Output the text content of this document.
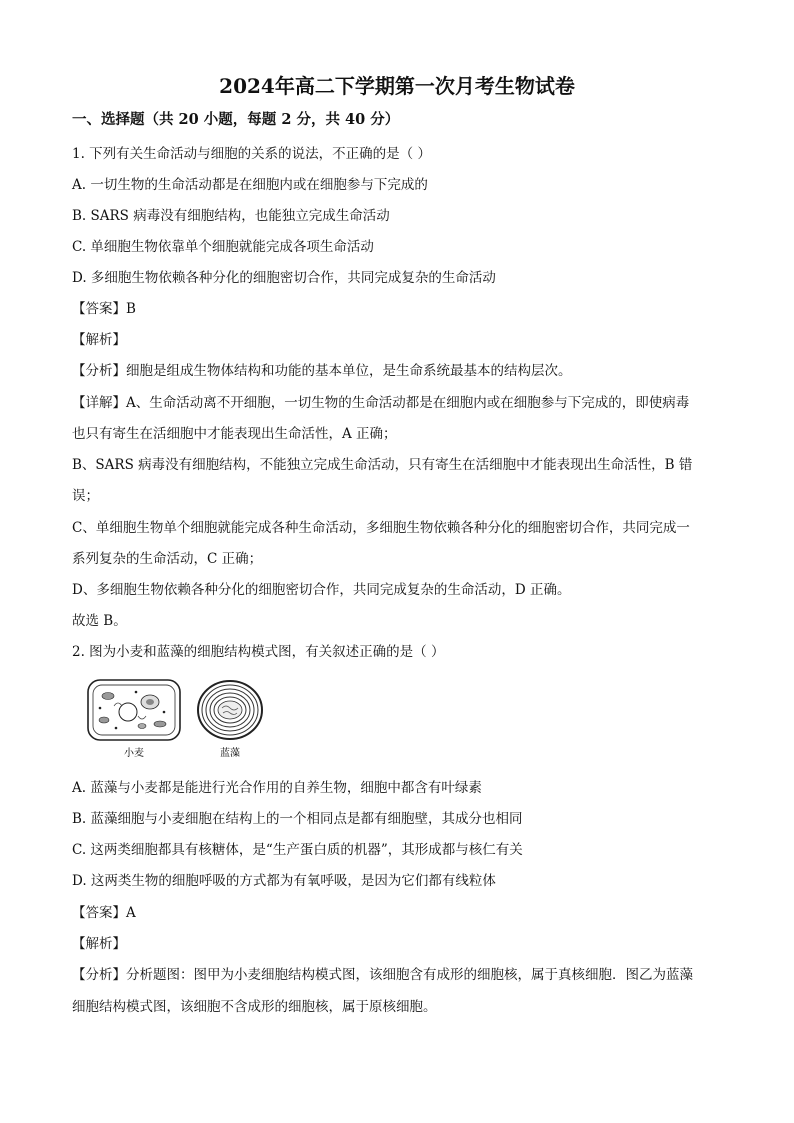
2024年高二下学期第一次月考生物试卷
一、选择题（共 20 小题，每题 2 分，共 40 分）
1. 下列有关生命活动与细胞的关系的说法，不正确的是（ ）
A. 一切生物的生命活动都是在细胞内或在细胞参与下完成的
B. SARS 病毒没有细胞结构，也能独立完成生命活动
C. 单细胞生物依靠单个细胞就能完成各项生命活动
D. 多细胞生物依赖各种分化的细胞密切合作，共同完成复杂的生命活动
【答案】B
【解析】
【分析】细胞是组成生物体结构和功能的基本单位，是生命系统最基本的结构层次。
【详解】A、生命活动离不开细胞，一切生物的生命活动都是在细胞内或在细胞参与下完成的，即使病毒
也只有寄生在活细胞中才能表现出生命活性，A 正确；
B、SARS 病毒没有细胞结构，不能独立完成生命活动，只有寄生在活细胞中才能表现出生命活性，B 错
误；
C、单细胞生物单个细胞就能完成各种生命活动，多细胞生物依赖各种分化的细胞密切合作，共同完成一
系列复杂的生命活动，C 正确；
D、多细胞生物依赖各种分化的细胞密切合作，共同完成复杂的生命活动，D 正确。
故选 B。
2. 图为小麦和蓝藻的细胞结构模式图，有关叙述正确的是（ ）
小麦	蓝藻
A. 蓝藻与小麦都是能进行光合作用的自养生物，细胞中都含有叶绿素
B. 蓝藻细胞与小麦细胞在结构上的一个相同点是都有细胞壁，其成分也相同
C. 这两类细胞都具有核糖体，是“生产蛋白质的机器”，其形成都与核仁有关
D. 这两类生物的细胞呼吸的方式都为有氧呼吸，是因为它们都有线粒体
【答案】A
【解析】
【分析】分析题图：图甲为小麦细胞结构模式图，该细胞含有成形的细胞核，属于真核细胞．图乙为蓝藻
细胞结构模式图，该细胞不含成形的细胞核，属于原核细胞。
